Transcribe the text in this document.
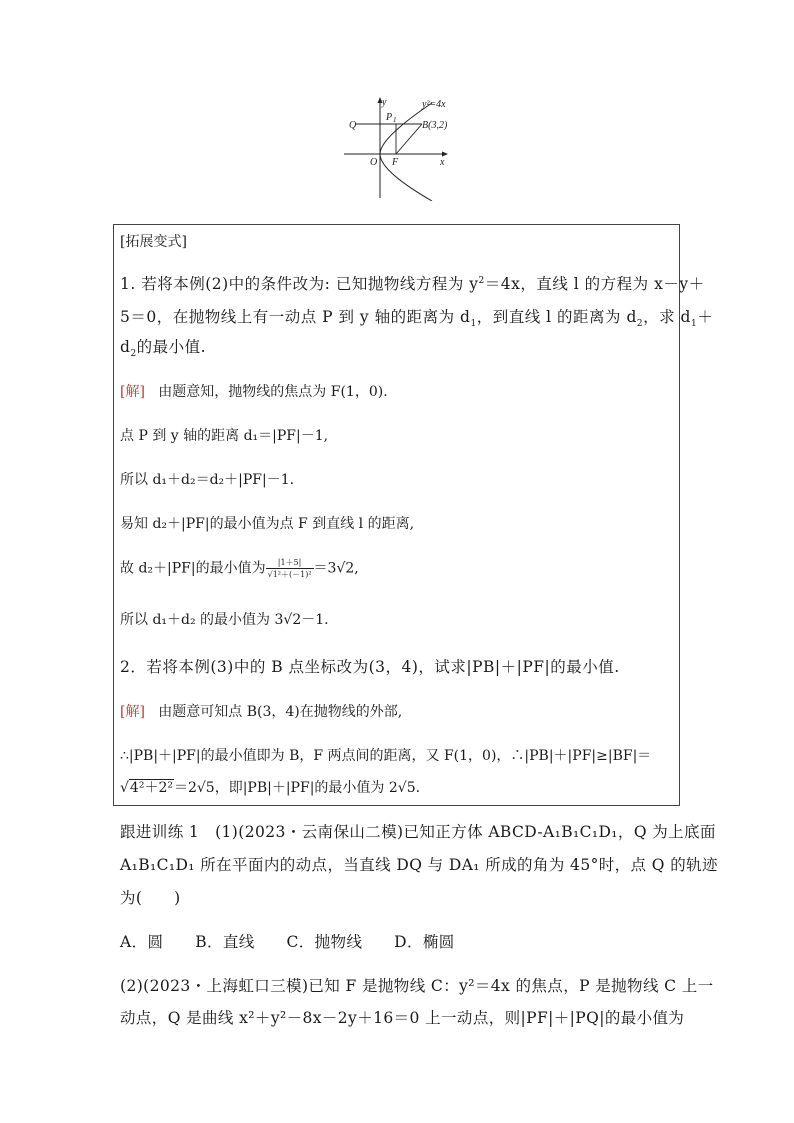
y
x
y²=4x
O F
Q
P 1	B(3,2)
[拓展变式]
1. 若将本例(2)中的条件改为: 已知抛物线方程为 $y^2=4x$，直线 l 的方程为 x－y＋
5＝0，在抛物线上有一动点 P 到 y 轴的距离为 $d_1$，到直线 l 的距离为 $d_2$，求 $d_1+$
$d_2$的最小值.
[解] 由题意知，抛物线的焦点为 F(1，0).
点 P 到 y 轴的距离 d₁＝|PF|－1,
所以 d₁＋d₂＝d₂＋|PF|－1.
易知 d₂＋|PF|的最小值为点 F 到直线 l 的距离,
故 d₂＋|PF|的最小值为 $\frac{|1+5|}{\text{√1²＋(－1)²}} =3√2$,
所以 d₁＋d₂ 的最小值为 3√2－1.
2．若将本例(3)中的 B 点坐标改为(3，4)，试求|PB|＋|PF|的最小值.
[解] 由题意可知点 B(3，4)在抛物线的外部,
∴|PB|＋|PF|的最小值即为 B，F 两点间的距离，又 F(1，0)，∴|PB|＋|PF|≥|BF|＝
√4²＋2²＝2√5，即|PB|＋|PF|的最小值为 2√5.
跟进训练 1　(1)(2023・云南保山二模)已知正方体 ABCD-A₁B₁C₁D₁，Q 为上底面
A₁B₁C₁D₁ 所在平面内的动点，当直线 DQ 与 DA₁ 所成的角为 45°时，点 Q 的轨迹
为(　　)
A．圆　　B．直线　　C．抛物线　　D．椭圆
(2)(2023・上海虹口三模)已知 F 是抛物线 C：y²＝4x 的焦点，P 是抛物线 C 上一
动点，Q 是曲线 x²＋y²－8x－2y＋16＝0 上一动点，则|PF|＋|PQ|的最小值为
